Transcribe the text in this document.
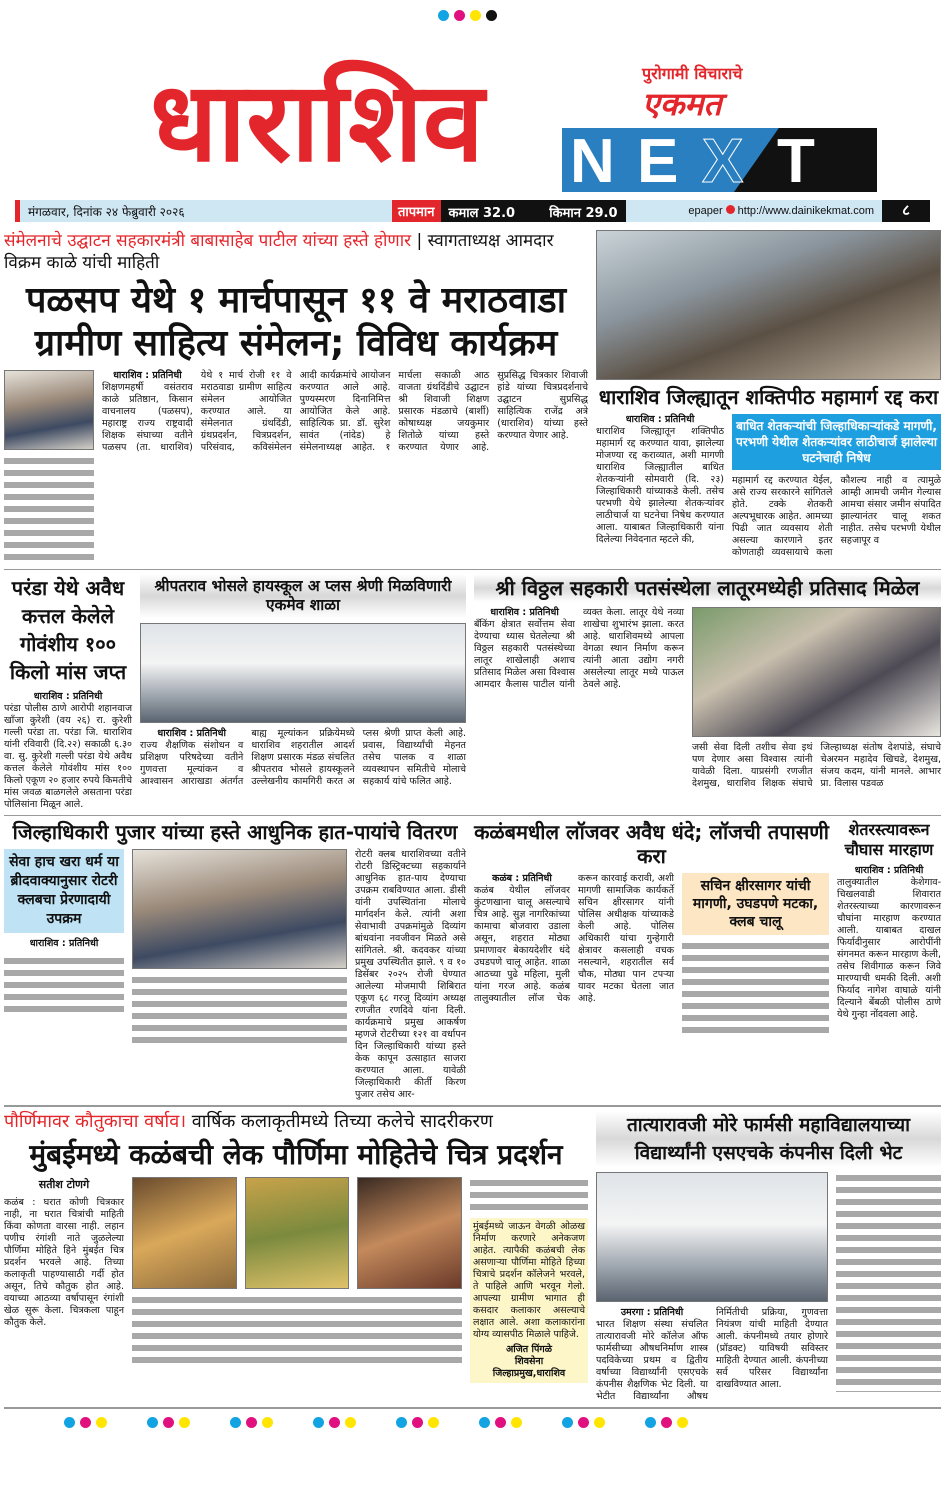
धाराशिव	पुरोगामी विचाराचे
एकमत
N E X T
मंगळवार, दिनांक २४ फेब्रुवारी २०२६	तापमान	कमाल 32.0	किमान 29.0	epaper http://www.dainikekmat.com	८
संमेलनाचे उद्घाटन सहकारमंत्री बाबासाहेब पाटील यांच्या हस्ते होणार | स्वागताध्यक्ष आमदार विक्रम काळे यांची माहिती
पळसप येथे १ मार्चपासून ११ वे मराठवाडा
ग्रामीण साहित्य संमेलन; विविध कार्यक्रम
धाराशिव : प्रतिनिधी
शिक्षणमहर्षी वसंतराव काळे प्रतिष्ठान, किसान वाचनालय (पळसप), महाराष्ट्र राज्य राष्ट्रवादी शिक्षक संघाच्या वतीने पळसप (ता. धाराशिव) येथे १ मार्च रोजी ११ वे मराठवाडा ग्रामीण साहित्य संमेलन आयोजित करण्यात आले. या संमेलनात ग्रंथदिंडी, ग्रंथप्रदर्शन, चित्रप्रदर्शन, परिसंवाद, कविसंमेलन आदी कार्यक्रमांचे आयोजन करण्यात आले आहे. पुण्यस्मरण दिनानिमित्त आयोजित केले आहे. साहित्यिक प्रा. डॉ. सुरेश सावंत (नांदेड) हे संमेलनाध्यक्ष आहेत. १ मार्चला सकाळी आठ वाजता ग्रंथदिंडीचे उद्घाटन श्री शिवाजी शिक्षण प्रसारक मंडळाचे (बार्शी) कोषाध्यक्ष जयकुमार शितोळे यांच्या हस्ते करण्यात येणार आहे. सुप्रसिद्ध चित्रकार शिवाजी हांडे यांच्या चित्रप्रदर्शनाचे उद्घाटन सुप्रसिद्ध साहित्यिक राजेंद्र अत्रे (धाराशिव) यांच्या हस्ते करण्यात येणार आहे.
धाराशिव जिल्ह्यातून शक्तिपीठ महामार्ग रद्द करा
धाराशिव : प्रतिनिधी
धाराशिव जिल्ह्यातून शक्तिपीठ महामार्ग रद्द करण्यात यावा, झालेल्या मोजण्या रद्द कराव्यात, अशी मागणी धाराशिव जिल्ह्यातील बाधित शेतकऱ्यांनी सोमवारी (दि. २३) जिल्हाधिकारी यांच्याकडे केली. तसेच परभणी येथे झालेल्या शेतकऱ्यांवर लाठीचार्ज या घटनेचा निषेध करण्यात आला. याबाबत जिल्हाधिकारी यांना दिलेल्या निवेदनात म्हटले की,
बाधित शेतकऱ्यांची जिल्हाधिकाऱ्यांकडे मागणी, परभणी येथील शेतकऱ्यांवर लाठीचार्ज झालेल्या घटनेचाही निषेध
महामार्ग रद्द करण्यात येईल, असे राज्य सरकारने सांगितले होते. टक्के शेतकरी अल्पभूधारक आहेत. आमच्या पिढी जात व्यवसाय शेती असल्या कारणाने इतर कोणताही व्यवसायाचे कला कौशल्य नाही व त्यामुळे आम्ही आमची जमीन गेल्यास आमचा संसार जमीन संपादित झाल्यानंतर चालू शकत नाहीत. तसेच परभणी येथील सहजापूर व
परंडा येथे अवैध कत्तल केलेले गोवंशीय १०० किलो मांस जप्त
धाराशिव : प्रतिनिधी
परंडा पोलीस ठाणे आरोपी शहानवाज खाँजा कुरेशी (वय २६) रा. कुरेशी गल्ली परंडा ता. परंडा जि. धाराशिव यांनी रविवारी (दि.२२) सकाळी ६.३० वा. सु. कुरेशी गल्ली परंडा येथे अवैध कत्तल केलेले गोवंशीय मांस १०० किलो एकूण २० हजार रुपये किमतीचे मांस जवळ बाळगलेले असताना परंडा पोलिसांना मिळून आले.
श्रीपतराव भोसले हायस्कूल अ प्लस श्रेणी मिळविणारी एकमेव शाळा
धाराशिव : प्रतिनिधी
राज्य शैक्षणिक संशोधन व प्रशिक्षण परिषदेच्या वतीने गुणवत्ता मूल्यांकन व आश्वासन आराखडा अंतर्गत बाह्य मूल्यांकन प्रक्रियेमध्ये धाराशिव शहरातील आदर्श शिक्षण प्रसारक मंडळ संचलित श्रीपतराव भोसले हायस्कूलने उल्लेखनीय कामगिरी करत अ प्लस श्रेणी प्राप्त केली आहे. प्रवास, विद्यार्थ्यांची मेहनत तसेच पालक व शाळा व्यवस्थापन समितीचे मोलाचे सहकार्य यांचे फलित आहे.
श्री विठ्ठल सहकारी पतसंस्थेला लातूरमध्येही प्रतिसाद मिळेल
धाराशिव : प्रतिनिधी
बँकिंग क्षेत्रात सर्वोत्तम सेवा देण्याचा ध्यास घेतलेल्या श्री विठ्ठल सहकारी पतसंस्थेच्या लातूर शाखेलाही अशाच प्रतिसाद मिळेल असा विश्वास आमदार कैलास पाटील यांनी व्यक्त केला. लातूर येथे नव्या शाखेचा शुभारंभ झाला. करत आहे. धाराशिवमध्ये आपला वेगळा स्थान निर्माण करून त्यांनी आता उद्योग नगरी असलेल्या लातूर मध्ये पाऊल ठेवले आहे.
जसी सेवा दिली तशीच सेवा इथं पण देणार असा विश्वास त्यांनी यावेळी दिला. याप्रसंगी रणजीत देशमुख, धाराशिव शिक्षक संघाचे जिल्हाध्यक्ष संतोष देशपांडे, संघाचे चेअरमन महादेव खिचडे, देशमुख, संजय कदम, यांनी मानले. आभार प्रा. विलास पडवळ
जिल्हाधिकारी पुजार यांच्या हस्ते आधुनिक हात-पायांचे वितरण
सेवा हाच खरा धर्म या ब्रीदवाक्यानुसार रोटरी क्लबचा प्रेरणादायी उपक्रम
धाराशिव : प्रतिनिधी
रोटरी क्लब धाराशिवच्या वतीने रोटरी डिस्ट्रिक्टच्या सहकार्याने आधुनिक हात-पाय देण्याचा उपक्रम राबविण्यात आला. डीसी यांनी उपस्थितांना मोलाचे मार्गदर्शन केले. त्यांनी अशा सेवाभावी उपक्रमांमुळे दिव्यांग बांधवांना नवजीवन मिळते असे सांगितले. श्री. कदवकर यांच्या प्रमुख उपस्थितीत झाले. ९ व १० डिसेंबर २०२५ रोजी घेण्यात आलेल्या मोजमापी शिबिरात एकूण ६८ गरजू दिव्यांग अध्यक्ष रणजीत रणदिवे यांना दिली. कार्यक्रमाचे प्रमुख आकर्षण म्हणजे रोटरीच्या १२१ वा वर्धापन दिन जिल्हाधिकारी यांच्या हस्ते केक कापून उत्साहात साजरा करण्यात आला. यावेळी जिल्हाधिकारी कीर्ती किरण पुजार तसेच आर-
कळंबमधील लॉजवर अवैध धंदे; लॉजची तपासणी करा
कळंब : प्रतिनिधी
कळंब येथील लॉजवर कुंटणखाना चालू असल्याचे चित्र आहे. सुज्ञ नागरिकांच्या कामाचा बोजवारा उडाला असून, शहरात मोठ्या प्रमाणावर बेकायदेशीर धंदे उघडपणे चालू आहेत. शाळा आठच्या पुढे महिला, मुली यांना गरज आहे. कळंब तालुक्यातील लॉज चेक करून कारवाई करावी, अशी मागणी सामाजिक कार्यकर्ते सचिन क्षीरसागर यांनी पोलिस अधीक्षक यांच्याकडे केली आहे. पोलिस अधिकारी यांचा गुन्हेगारी क्षेत्रावर कसलाही वचक नसल्याने, शहरातील सर्व चौक, मोठ्या पान टपऱ्या यावर मटका घेतला जात आहे.
सचिन क्षीरसागर यांची मागणी, उघडपणे मटका, क्लब चालू
शेतरस्त्यावरून चौघास मारहाण
धाराशिव : प्रतिनिधी
तालुक्यातील केशेगाव-चिखलवाडी शिवारात शेतरस्त्याच्या कारणावरून चौघांना मारहाण करण्यात आली. याबाबत दाखल फिर्यादीनुसार आरोपींनी संगनमत करून मारहाण केली, तसेच शिवीगाळ करून जिवे मारण्याची धमकी दिली. अशी फिर्याद नागेश वाघाळे यांनी दिल्याने बेंबळी पोलीस ठाणे येथे गुन्हा नोंदवला आहे.
पौर्णिमावर कौतुकाचा वर्षाव। वार्षिक कलाकृतीमध्ये तिच्या कलेचे सादरीकरण
मुंबईमध्ये कळंबची लेक पौर्णिमा मोहितेचे चित्र प्रदर्शन
सतीश टोणगे
कळंब : घरात कोणी चित्रकार नाही, ना घरात चित्रांची माहिती किंवा कोणता वारसा नाही. लहान पणीच रंगांशी नाते जुळलेल्या पौर्णिमा मोहिते हिने मुंबईत चित्र प्रदर्शन भरवले आहे. तिच्या कलाकृती पाहण्यासाठी गर्दी होत असून, तिचे कौतुक होत आहे. वयाच्या आठव्या वर्षापासून रंगांशी खेळ सुरू केला. चित्रकला पाहून कौतुक केले.
मुंबईमध्ये जाऊन वेगळी ओळख निर्माण करणारे अनेकजण आहेत. त्यापैकी कळंबची लेक असणाऱ्या पौर्णिमा मोहिते हिच्या चित्राचे प्रदर्शन कॉलेजने भरवले, ते पाहिले आणि भरवून गेलो. आपल्या ग्रामीण भागात ही कसदार कलाकार असल्याचे लक्षात आले. अशा कलाकारांना योग्य व्यासपीठ मिळाले पाहिजे.
अजित पिंगळे
शिवसेना
जिल्हाप्रमुख,धाराशिव
तात्यारावजी मोरे फार्मसी महाविद्यालयाच्या
विद्यार्थ्यांनी एसएचके कंपनीस दिली भेट
उमरगा : प्रतिनिधी
भारत शिक्षण संस्था संचलित तात्यारावजी मोरे कॉलेज ऑफ फार्मसीच्या औषधनिर्माण शास्त्र पदविकेच्या प्रथम व द्वितीय वर्षाच्या विद्यार्थ्यांनी एसएचके कंपनीस शैक्षणिक भेट दिली. या भेटीत विद्यार्थ्यांना औषध निर्मितीची प्रक्रिया, गुणवत्ता नियंत्रण यांची माहिती देण्यात आली. कंपनीमध्ये तयार होणारे (प्रॉडक्ट) याविषयी सविस्तर माहिती देण्यात आली. कंपनीच्या सर्व परिसर विद्यार्थ्यांना दाखविण्यात आला.
